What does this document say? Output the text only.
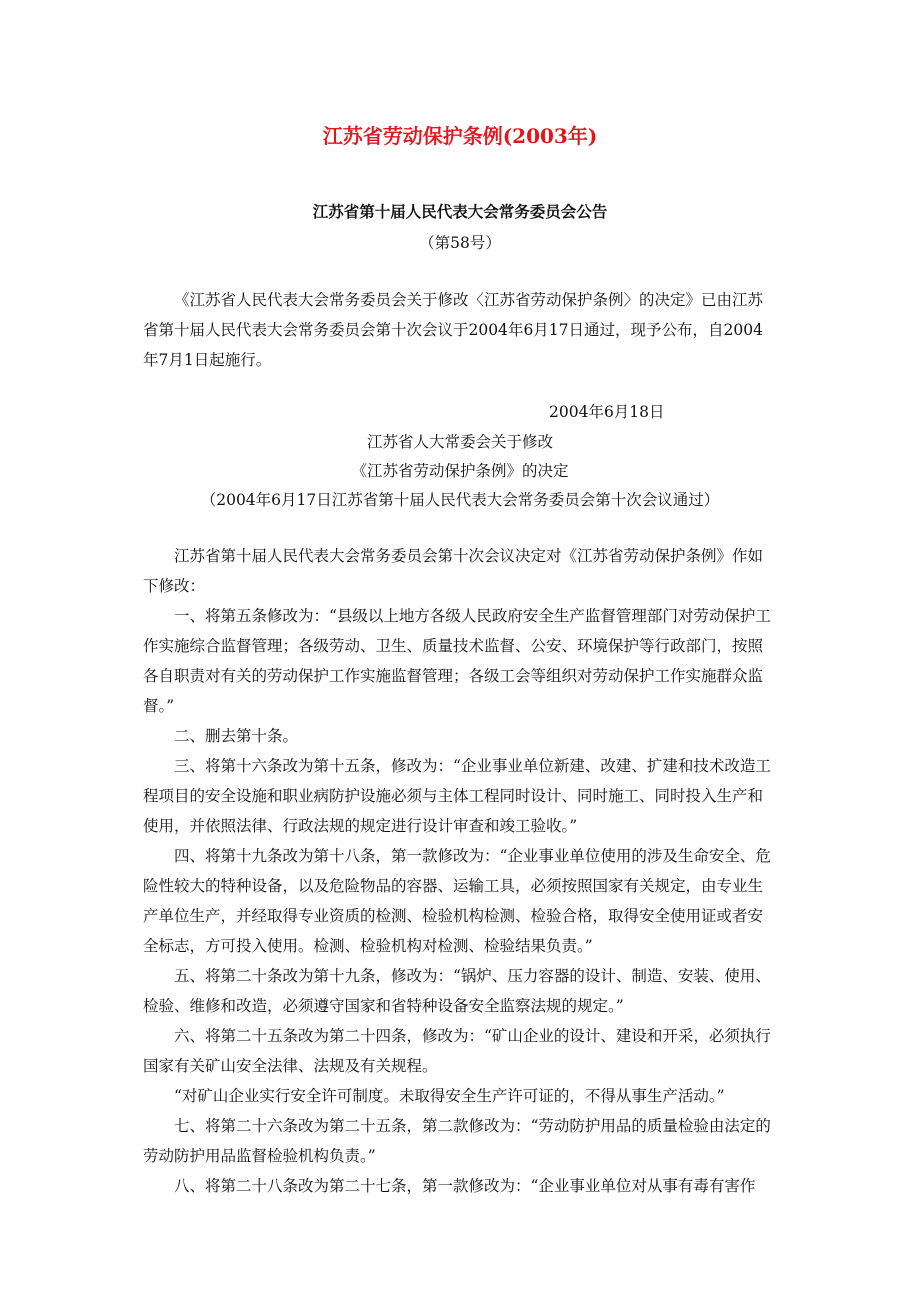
江苏省劳动保护条例(2003年)
江苏省第十届人民代表大会常务委员会公告
（第58号）

《江苏省人民代表大会常务委员会关于修改〈江苏省劳动保护条例〉的决定》已由江苏省第十届人民代表大会常务委员会第十次会议于2004年6月17日通过，现予公布，自2004年7月1日起施行。

2004年6月18日
江苏省人大常委会关于修改
《江苏省劳动保护条例》的决定
（2004年6月17日江苏省第十届人民代表大会常务委员会第十次会议通过）

江苏省第十届人民代表大会常务委员会第十次会议决定对《江苏省劳动保护条例》作如下修改：

一、将第五条修改为：“县级以上地方各级人民政府安全生产监督管理部门对劳动保护工作实施综合监督管理；各级劳动、卫生、质量技术监督、公安、环境保护等行政部门，按照各自职责对有关的劳动保护工作实施监督管理；各级工会等组织对劳动保护工作实施群众监督。”

二、删去第十条。

三、将第十六条改为第十五条，修改为：“企业事业单位新建、改建、扩建和技术改造工程项目的安全设施和职业病防护设施必须与主体工程同时设计、同时施工、同时投入生产和使用，并依照法律、行政法规的规定进行设计审查和竣工验收。”

四、将第十九条改为第十八条，第一款修改为：“企业事业单位使用的涉及生命安全、危险性较大的特种设备，以及危险物品的容器、运输工具，必须按照国家有关规定，由专业生产单位生产，并经取得专业资质的检测、检验机构检测、检验合格，取得安全使用证或者安全标志，方可投入使用。检测、检验机构对检测、检验结果负责。”

五、将第二十条改为第十九条，修改为：“锅炉、压力容器的设计、制造、安装、使用、检验、维修和改造，必须遵守国家和省特种设备安全监察法规的规定。”

六、将第二十五条改为第二十四条，修改为：“矿山企业的设计、建设和开采，必须执行国家有关矿山安全法律、法规及有关规程。

“对矿山企业实行安全许可制度。未取得安全生产许可证的，不得从事生产活动。”

七、将第二十六条改为第二十五条，第二款修改为：“劳动防护用品的质量检验由法定的劳动防护用品监督检验机构负责。”

八、将第二十八条改为第二十七条，第一款修改为：“企业事业单位对从事有毒有害作
